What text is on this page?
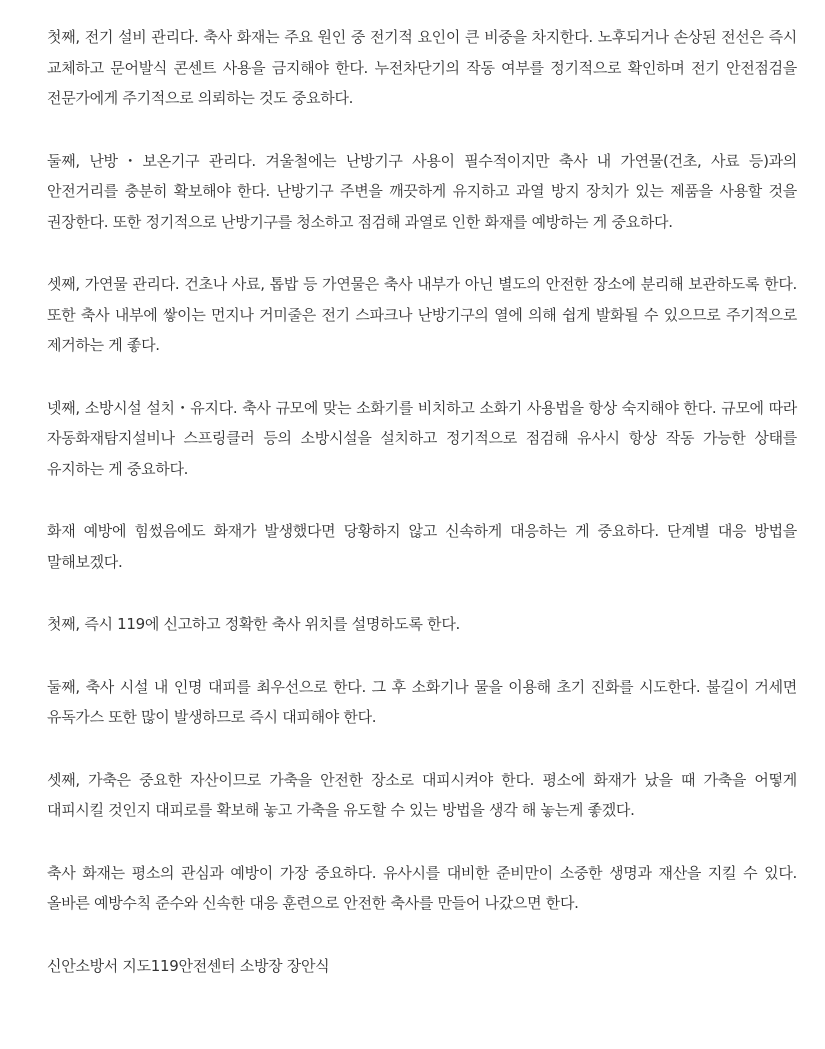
첫째, 전기 설비 관리다. 축사 화재는 주요 원인 중 전기적 요인이 큰 비중을 차지한다. 노후되거나 손상된 전선은 즉시 교체하고 문어발식 콘센트 사용을 금지해야 한다. 누전차단기의 작동 여부를 정기적으로 확인하며 전기 안전점검을 전문가에게 주기적으로 의뢰하는 것도 중요하다.

둘째, 난방・보온기구 관리다. 겨울철에는 난방기구 사용이 필수적이지만 축사 내 가연물(건초, 사료 등)과의 안전거리를 충분히 확보해야 한다. 난방기구 주변을 깨끗하게 유지하고 과열 방지 장치가 있는 제품을 사용할 것을 권장한다. 또한 정기적으로 난방기구를 청소하고 점검해 과열로 인한 화재를 예방하는 게 중요하다.

셋째, 가연물 관리다. 건초나 사료, 톱밥 등 가연물은 축사 내부가 아닌 별도의 안전한 장소에 분리해 보관하도록 한다. 또한 축사 내부에 쌓이는 먼지나 거미줄은 전기 스파크나 난방기구의 열에 의해 쉽게 발화될 수 있으므로 주기적으로 제거하는 게 좋다.

넷째, 소방시설 설치・유지다. 축사 규모에 맞는 소화기를 비치하고 소화기 사용법을 항상 숙지해야 한다. 규모에 따라 자동화재탐지설비나 스프링클러 등의 소방시설을 설치하고 정기적으로 점검해 유사시 항상 작동 가능한 상태를 유지하는 게 중요하다.

화재 예방에 힘썼음에도 화재가 발생했다면 당황하지 않고 신속하게 대응하는 게 중요하다. 단계별 대응 방법을 말해보겠다.

첫째, 즉시 119에 신고하고 정확한 축사 위치를 설명하도록 한다.

둘째, 축사 시설 내 인명 대피를 최우선으로 한다. 그 후 소화기나 물을 이용해 초기 진화를 시도한다. 불길이 거세면 유독가스 또한 많이 발생하므로 즉시 대피해야 한다.

셋째, 가축은 중요한 자산이므로 가축을 안전한 장소로 대피시켜야 한다. 평소에 화재가 났을 때 가축을 어떻게 대피시킬 것인지 대피로를 확보해 놓고 가축을 유도할 수 있는 방법을 생각 해 놓는게 좋겠다.

축사 화재는 평소의 관심과 예방이 가장 중요하다. 유사시를 대비한 준비만이 소중한 생명과 재산을 지킬 수 있다. 올바른 예방수칙 준수와 신속한 대응 훈련으로 안전한 축사를 만들어 나갔으면 한다.

신안소방서 지도119안전센터 소방장 장안식
